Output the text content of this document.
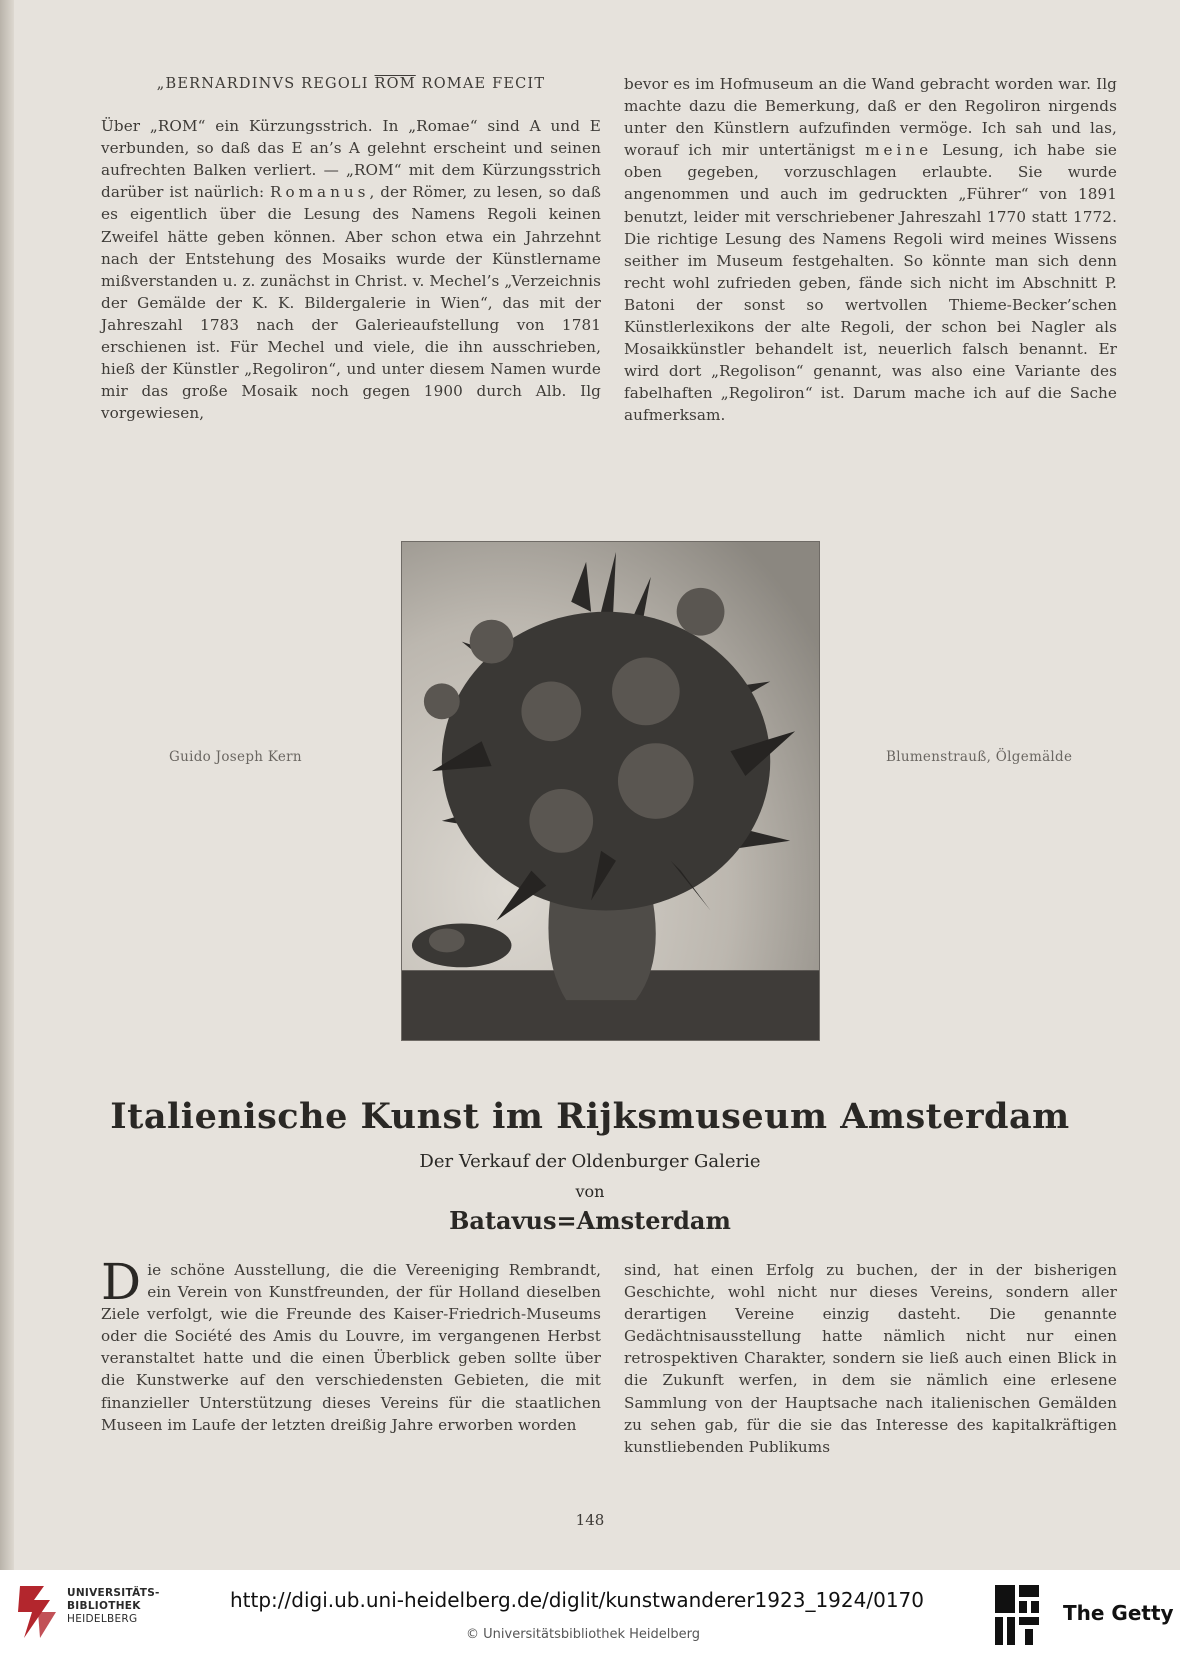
„BERNARDINVS REGOLI $\overline{ROM}$ ROMAE FECIT

Über „ROM“ ein Kürzungsstrich. In „Romae“ sind A und E verbunden, so daß das E an’s A gelehnt erscheint und seinen aufrechten Balken verliert. — „ROM“ mit dem Kürzungsstrich darüber ist naürlich: Romanus, der Römer, zu lesen, so daß es eigentlich über die Lesung des Namens Regoli keinen Zweifel hätte geben können. Aber schon etwa ein Jahrzehnt nach der Entstehung des Mosaiks wurde der Künstlername mißverstanden u. z. zunächst in Christ. v. Mechel’s „Verzeichnis der Gemälde der K. K. Bildergalerie in Wien“, das mit der Jahreszahl 1783 nach der Galerieaufstellung von 1781 erschienen ist. Für Mechel und viele, die ihn ausschrieben, hieß der Künstler „Regoliron“, und unter diesem Namen wurde mir das große Mosaik noch gegen 1900 durch Alb. Ilg vorgewiesen,

bevor es im Hofmuseum an die Wand gebracht worden war. Ilg machte dazu die Bemerkung, daß er den Regoliron nirgends unter den Künstlern aufzufinden vermöge. Ich sah und las, worauf ich mir untertänigst meine Lesung, ich habe sie oben gegeben, vorzuschlagen erlaubte. Sie wurde angenommen und auch im gedruckten „Führer“ von 1891 benutzt, leider mit verschriebener Jahreszahl 1770 statt 1772. Die richtige Lesung des Namens Regoli wird meines Wissens seither im Museum festgehalten. So könnte man sich denn recht wohl zufrieden geben, fände sich nicht im Abschnitt P. Batoni der sonst so wertvollen Thieme-Becker’schen Künstlerlexikons der alte Regoli, der schon bei Nagler als Mosaikkünstler behandelt ist, neuerlich falsch benannt. Er wird dort „Regolison“ genannt, was also eine Variante des fabelhaften „Regoliron“ ist. Darum mache ich auf die Sache aufmerksam.

Guido Joseph Kern	Blumenstrauß, Ölgemälde
Italienische Kunst im Rijksmuseum Amsterdam
Der Verkauf der Oldenburger Galerie
von
Batavus=Amsterdam

Die schöne Ausstellung, die die Vereeniging Rembrandt, ein Verein von Kunstfreunden, der für Holland dieselben Ziele verfolgt, wie die Freunde des Kaiser-Friedrich-Museums oder die Société des Amis du Louvre, im vergangenen Herbst veranstaltet hatte und die einen Überblick geben sollte über die Kunstwerke auf den verschiedensten Gebieten, die mit finanzieller Unterstützung dieses Vereins für die staatlichen Museen im Laufe der letzten dreißig Jahre erworben worden

sind, hat einen Erfolg zu buchen, der in der bisherigen Geschichte, wohl nicht nur dieses Vereins, sondern aller derartigen Vereine einzig dasteht. Die genannte Gedächtnisausstellung hatte nämlich nicht nur einen retrospektiven Charakter, sondern sie ließ auch einen Blick in die Zukunft werfen, in dem sie nämlich eine erlesene Sammlung von der Hauptsache nach italienischen Gemälden zu sehen gab, für die sie das Interesse des kapitalkräftigen kunstliebenden Publikums

148
UNIVERSITÄTS-
BIBLIOTHEK
HEIDELBERG
http://digi.ub.uni-heidelberg.de/diglit/kunstwanderer1923_1924/0170
© Universitätsbibliothek Heidelberg
The Getty
